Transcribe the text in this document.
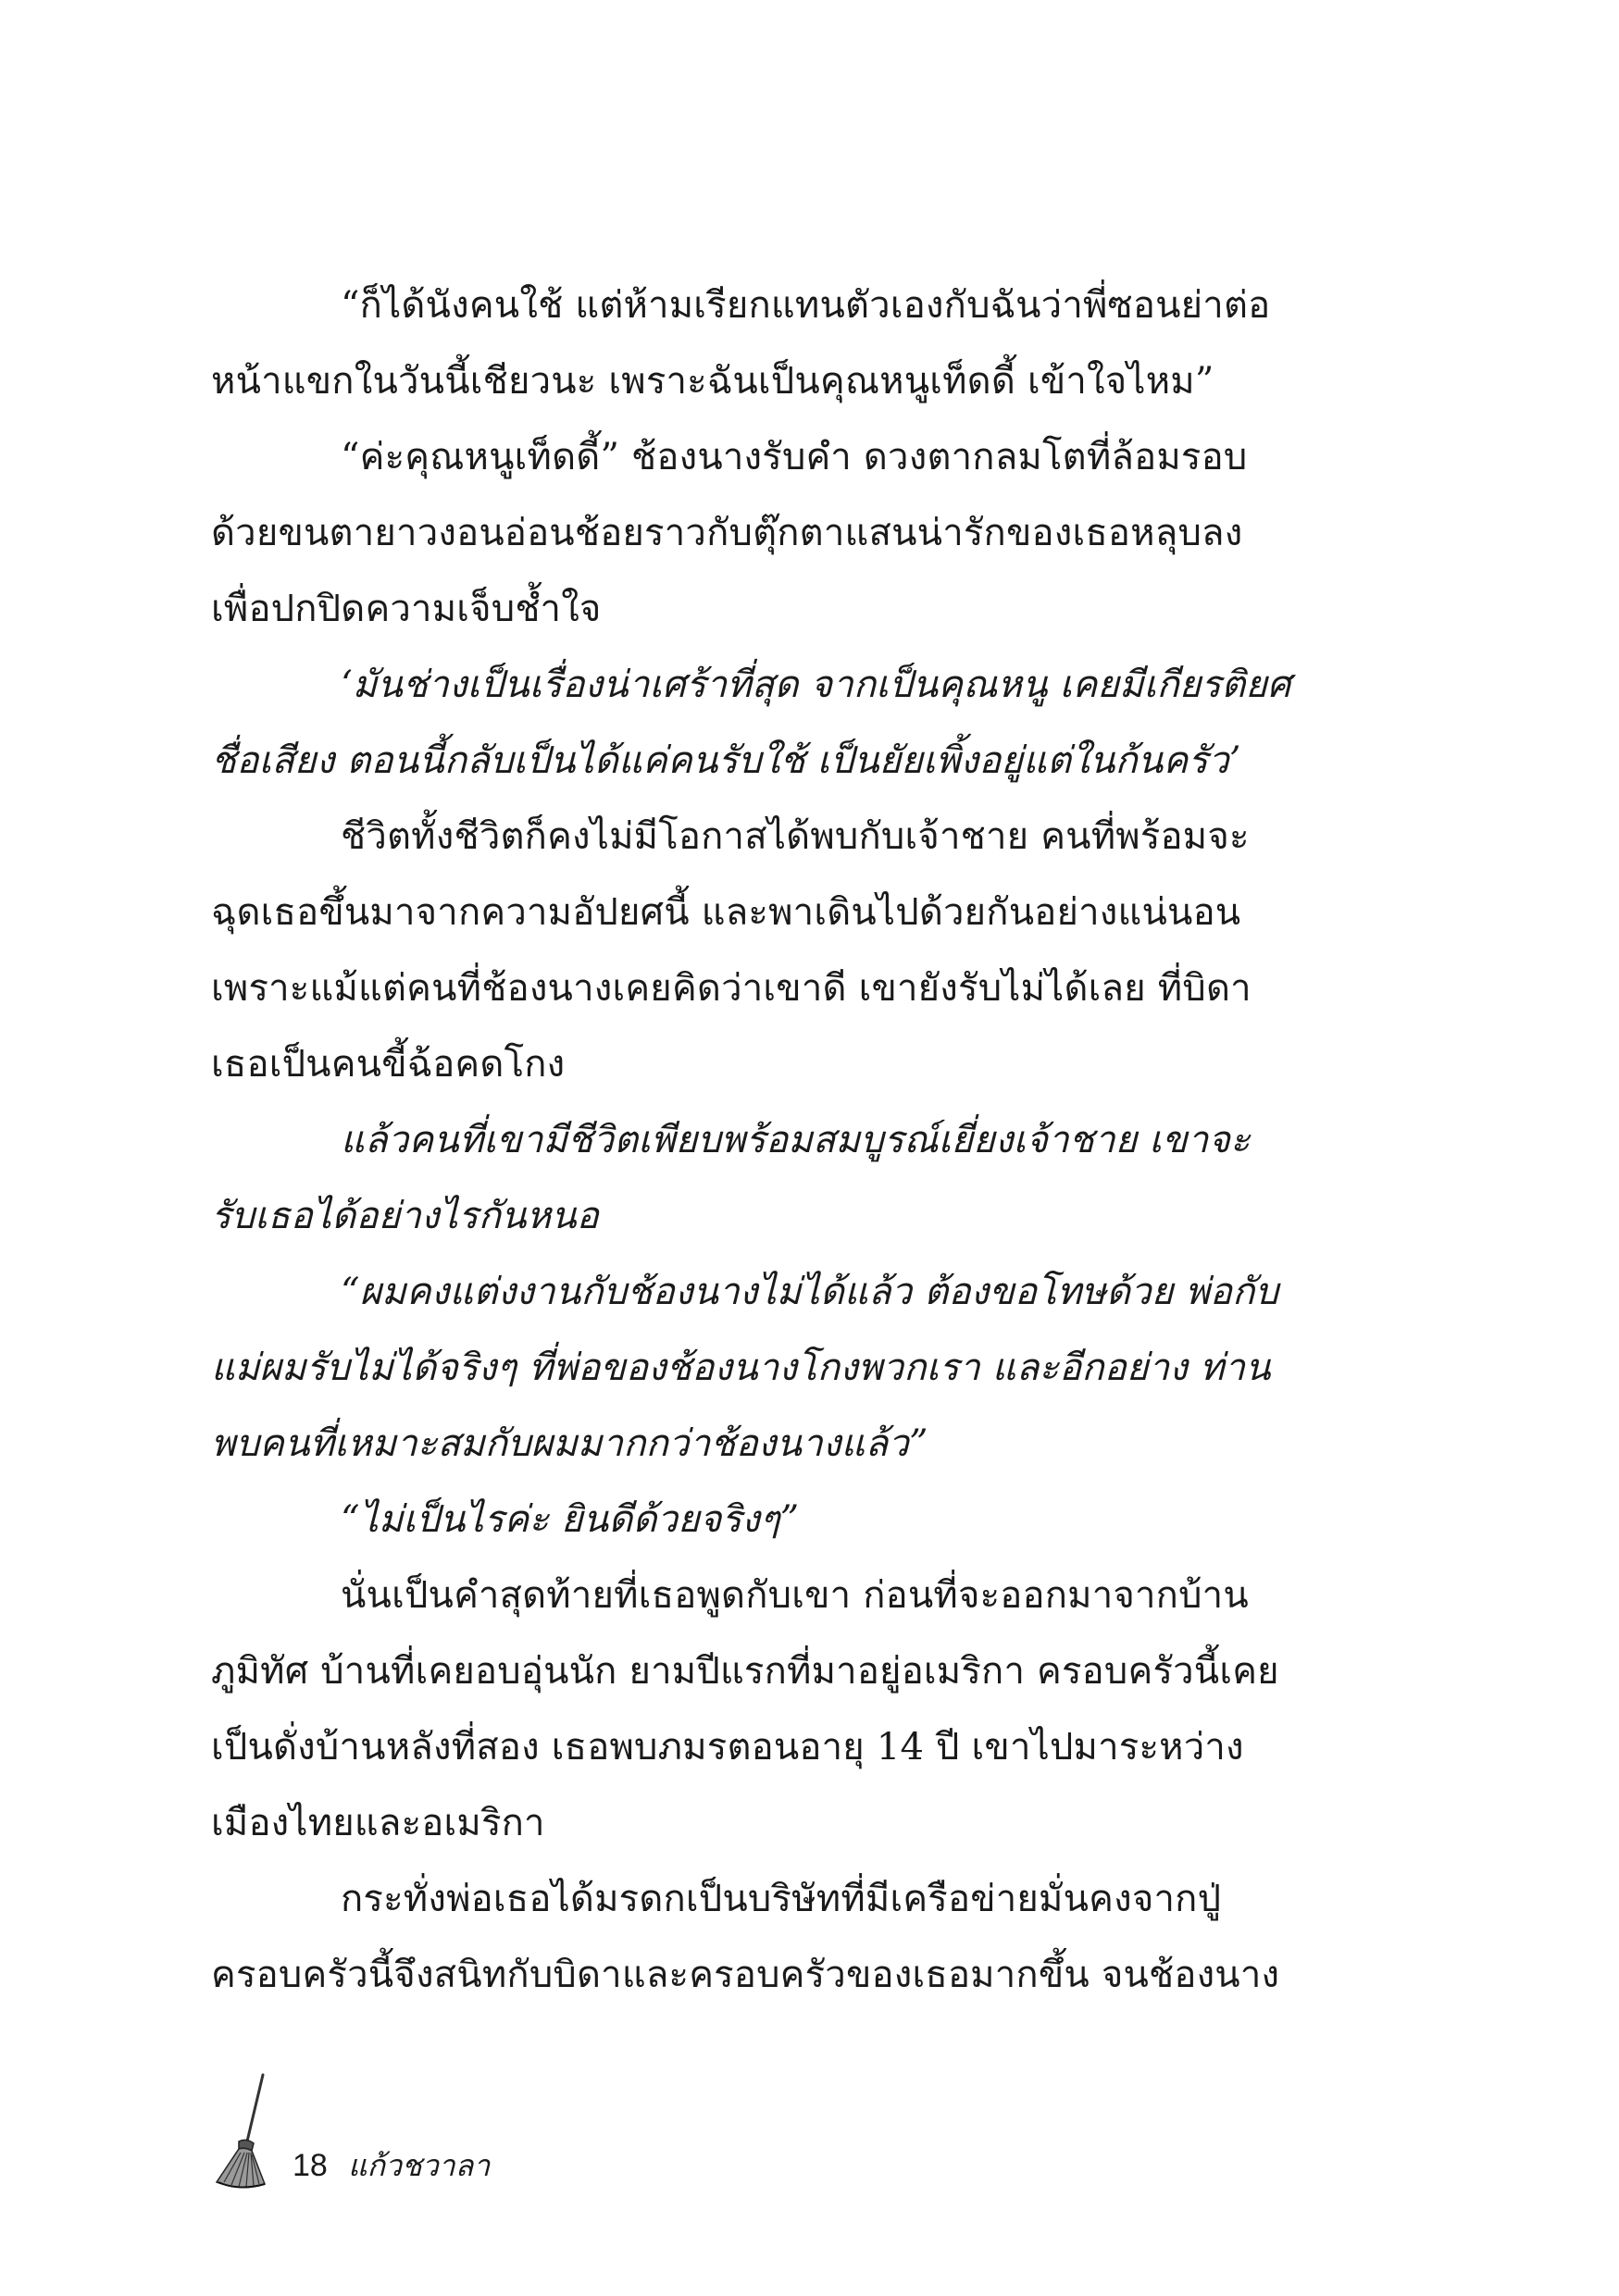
“ก็ได้นังคนใช้ แต่ห้ามเรียกแทนตัวเองกับฉันว่าพี่ซอนย่าต่อ
หน้าแขกในวันนี้เชียวนะ เพราะฉันเป็นคุณหนูเท็ดดี้ เข้าใจไหม”
“ค่ะคุณหนูเท็ดดี้” ช้องนางรับคำ ดวงตากลมโตที่ล้อมรอบ
ด้วยขนตายาวงอนอ่อนช้อยราวกับตุ๊กตาแสนน่ารักของเธอหลุบลง
เพื่อปกปิดความเจ็บช้ำใจ
‘มันช่างเป็นเรื่องน่าเศร้าที่สุด จากเป็นคุณหนู เคยมีเกียรติยศ
ชื่อเสียง ตอนนี้กลับเป็นได้แค่คนรับใช้ เป็นยัยเพิ้งอยู่แต่ในก้นครัว’
ชีวิตทั้งชีวิตก็คงไม่มีโอกาสได้พบกับเจ้าชาย คนที่พร้อมจะ
ฉุดเธอขึ้นมาจากความอัปยศนี้ และพาเดินไปด้วยกันอย่างแน่นอน
เพราะแม้แต่คนที่ช้องนางเคยคิดว่าเขาดี เขายังรับไม่ได้เลย ที่บิดา
เธอเป็นคนขี้ฉ้อคดโกง
แล้วคนที่เขามีชีวิตเพียบพร้อมสมบูรณ์เยี่ยงเจ้าชาย เขาจะ
รับเธอได้อย่างไรกันหนอ
“ผมคงแต่งงานกับช้องนางไม่ได้แล้ว ต้องขอโทษด้วย พ่อกับ
แม่ผมรับไม่ได้จริงๆ ที่พ่อของช้องนางโกงพวกเรา และอีกอย่าง ท่าน
พบคนที่เหมาะสมกับผมมากกว่าช้องนางแล้ว”
“ไม่เป็นไรค่ะ ยินดีด้วยจริงๆ”
นั่นเป็นคำสุดท้ายที่เธอพูดกับเขา ก่อนที่จะออกมาจากบ้าน
ภูมิทัศ บ้านที่เคยอบอุ่นนัก ยามปีแรกที่มาอยู่อเมริกา ครอบครัวนี้เคย
เป็นดั่งบ้านหลังที่สอง เธอพบภมรตอนอายุ 14 ปี เขาไปมาระหว่าง
เมืองไทยและอเมริกา
กระทั่งพ่อเธอได้มรดกเป็นบริษัทที่มีเครือข่ายมั่นคงจากปู่
ครอบครัวนี้จึงสนิทกับบิดาและครอบครัวของเธอมากขึ้น จนช้องนาง
18 แก้วชวาลา
